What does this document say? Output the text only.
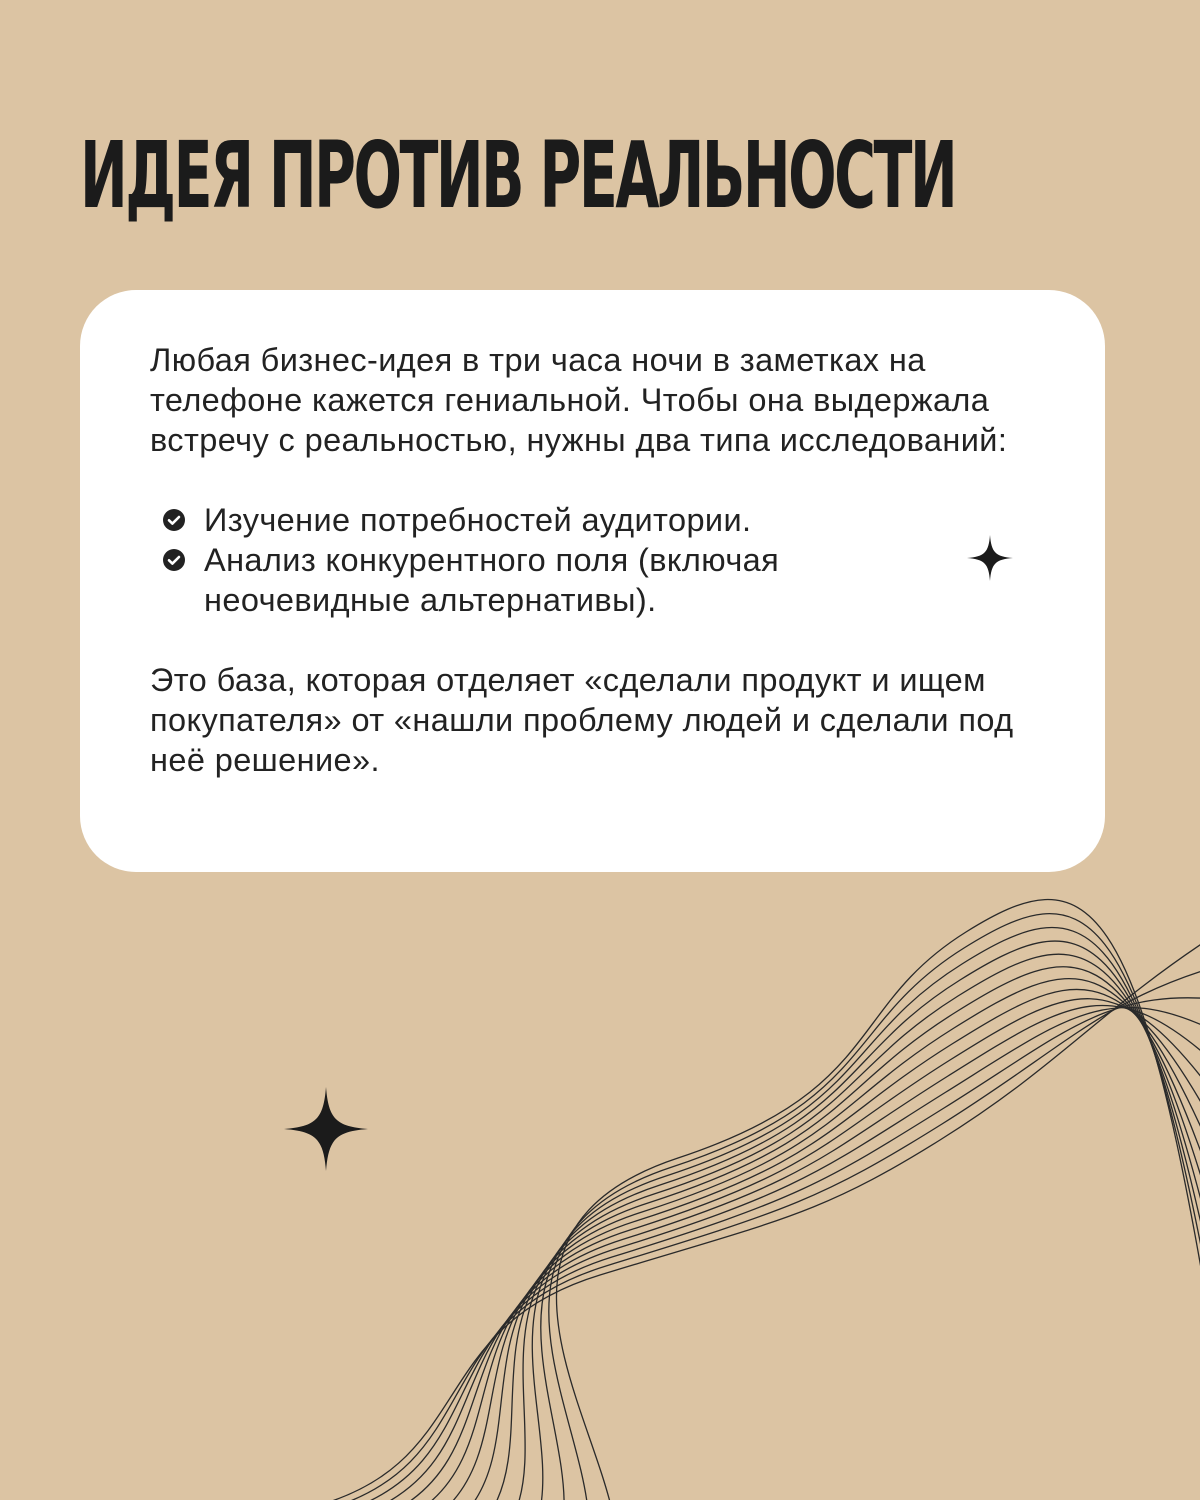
ИДЕЯ ПРОТИВ РЕАЛЬНОСТИ

Любая бизнес-идея в три часа ночи в заметках на телефоне кажется гениальной. Чтобы она выдержала встречу с реальностью, нужны два типа исследований:

Изучение потребностей аудитории.
Анализ конкурентного поля (включая неочевидные альтернативы).

Это база, которая отделяет «сделали продукт и ищем покупателя» от «нашли проблему людей и сделали под неё решение».
